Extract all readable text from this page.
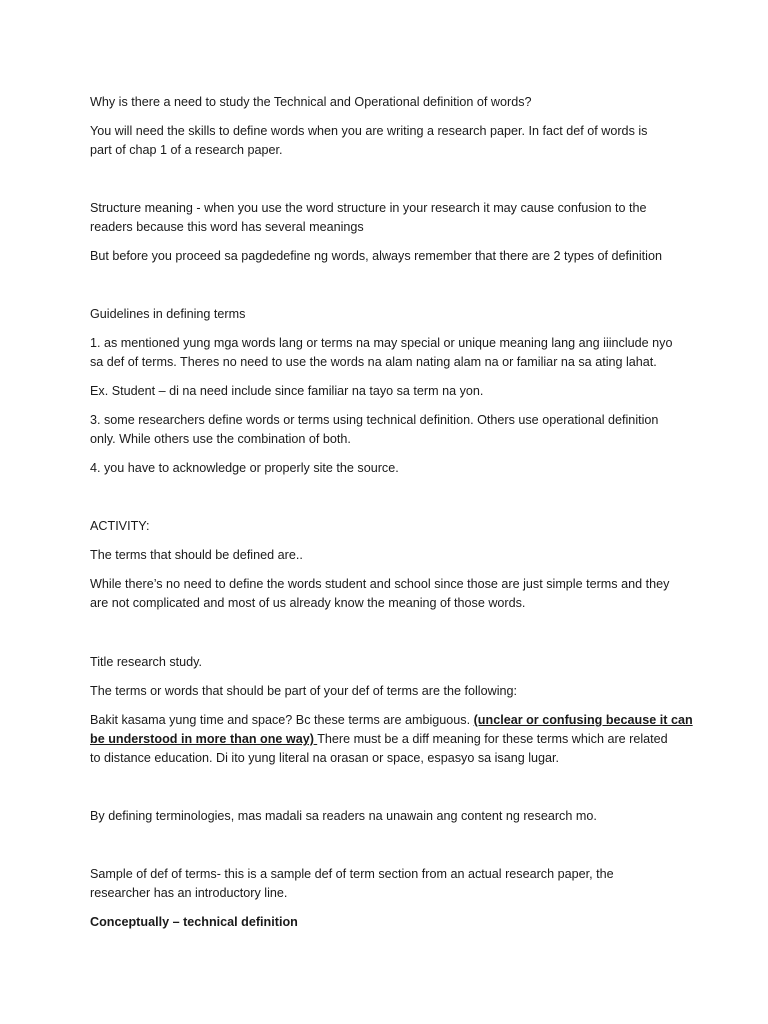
Why is there a need to study the Technical and Operational definition of words?

You will need the skills to define words when you are writing a research paper. In fact def of words is

part of chap 1 of a research paper.

Structure meaning - when you use the word structure in your research it may cause confusion to the

readers because this word has several meanings

But before you proceed sa pagdedefine ng words, always remember that there are 2 types of definition

Guidelines in defining terms

1. as mentioned yung mga words lang or terms na may special or unique meaning lang ang iiinclude nyo

sa def of terms. Theres no need to use the words na alam nating alam na or familiar na sa ating lahat.

Ex. Student – di na need include since familiar na tayo sa term na yon.

3. some researchers define words or terms using technical definition. Others use operational definition

only. While others use the combination of both.

4. you have to acknowledge or properly site the source.

ACTIVITY:

The terms that should be defined are..

While there’s no need to define the words student and school since those are just simple terms and they

are not complicated and most of us already know the meaning of those words.

Title research study.

The terms or words that should be part of your def of terms are the following:

Bakit kasama yung time and space? Bc these terms are ambiguous. (unclear or confusing because it can

be understood in more than one way) There must be a diff meaning for these terms which are related

to distance education. Di ito yung literal na orasan or space, espasyo sa isang lugar.

By defining terminologies, mas madali sa readers na unawain ang content ng research mo.

Sample of def of terms- this is a sample def of term section from an actual research paper, the

researcher has an introductory line.

Conceptually – technical definition
